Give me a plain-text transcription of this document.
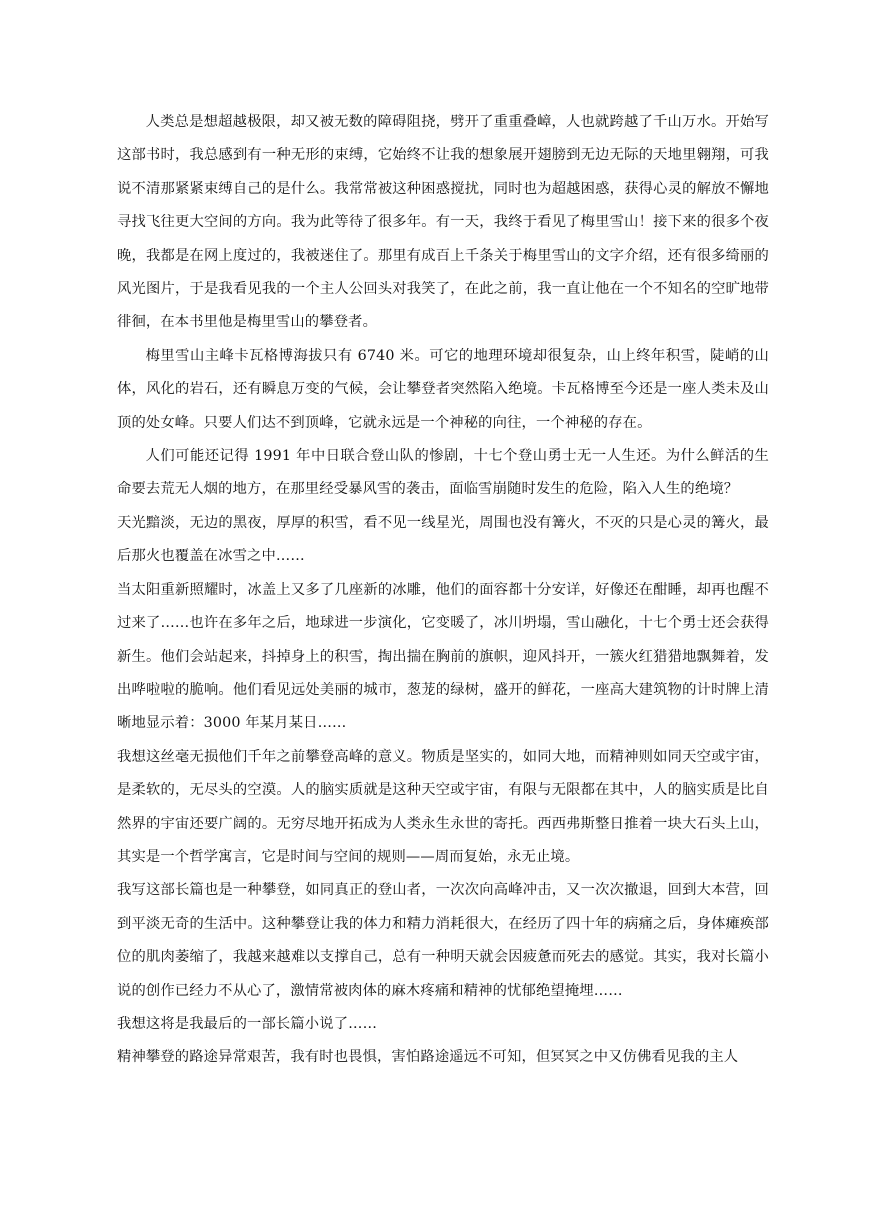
人类总是想超越极限，却又被无数的障碍阻挠，劈开了重重叠嶂，人也就跨越了千山万水。开始写这部书时，我总感到有一种无形的束缚，它始终不让我的想象展开翅膀到无边无际的天地里翱翔，可我说不清那紧紧束缚自己的是什么。我常常被这种困惑搅扰，同时也为超越困惑，获得心灵的解放不懈地寻找飞往更大空间的方向。我为此等待了很多年。有一天，我终于看见了梅里雪山！接下来的很多个夜晚，我都是在网上度过的，我被迷住了。那里有成百上千条关于梅里雪山的文字介绍，还有很多绮丽的风光图片，于是我看见我的一个主人公回头对我笑了，在此之前，我一直让他在一个不知名的空旷地带徘徊，在本书里他是梅里雪山的攀登者。

梅里雪山主峰卡瓦格博海拔只有 6740 米。可它的地理环境却很复杂，山上终年积雪，陡峭的山体，风化的岩石，还有瞬息万变的气候，会让攀登者突然陷入绝境。卡瓦格博至今还是一座人类未及山顶的处女峰。只要人们达不到顶峰，它就永远是一个神秘的向往，一个神秘的存在。

人们可能还记得 1991 年中日联合登山队的惨剧，十七个登山勇士无一人生还。为什么鲜活的生命要去荒无人烟的地方，在那里经受暴风雪的袭击，面临雪崩随时发生的危险，陷入人生的绝境？

天光黯淡，无边的黑夜，厚厚的积雪，看不见一线星光，周围也没有篝火，不灭的只是心灵的篝火，最后那火也覆盖在冰雪之中……

当太阳重新照耀时，冰盖上又多了几座新的冰雕，他们的面容都十分安详，好像还在酣睡，却再也醒不过来了……也许在多年之后，地球进一步演化，它变暖了，冰川坍塌，雪山融化，十七个勇士还会获得新生。他们会站起来，抖掉身上的积雪，掏出揣在胸前的旗帜，迎风抖开，一簇火红猎猎地飘舞着，发出哗啦啦的脆响。他们看见远处美丽的城市，葱茏的绿树，盛开的鲜花，一座高大建筑物的计时牌上清晰地显示着：3000 年某月某日……

我想这丝毫无损他们千年之前攀登高峰的意义。物质是坚实的，如同大地，而精神则如同天空或宇宙，是柔软的，无尽头的空漠。人的脑实质就是这种天空或宇宙，有限与无限都在其中，人的脑实质是比自然界的宇宙还要广阔的。无穷尽地开拓成为人类永生永世的寄托。西西弗斯整日推着一块大石头上山，其实是一个哲学寓言，它是时间与空间的规则——周而复始，永无止境。

我写这部长篇也是一种攀登，如同真正的登山者，一次次向高峰冲击，又一次次撤退，回到大本营，回到平淡无奇的生活中。这种攀登让我的体力和精力消耗很大，在经历了四十年的病痛之后，身体瘫痪部位的肌肉萎缩了，我越来越难以支撑自己，总有一种明天就会因疲惫而死去的感觉。其实，我对长篇小说的创作已经力不从心了，激情常被肉体的麻木疼痛和精神的忧郁绝望掩埋……

我想这将是我最后的一部长篇小说了……

精神攀登的路途异常艰苦，我有时也畏惧，害怕路途遥远不可知，但冥冥之中又仿佛看见我的主人
